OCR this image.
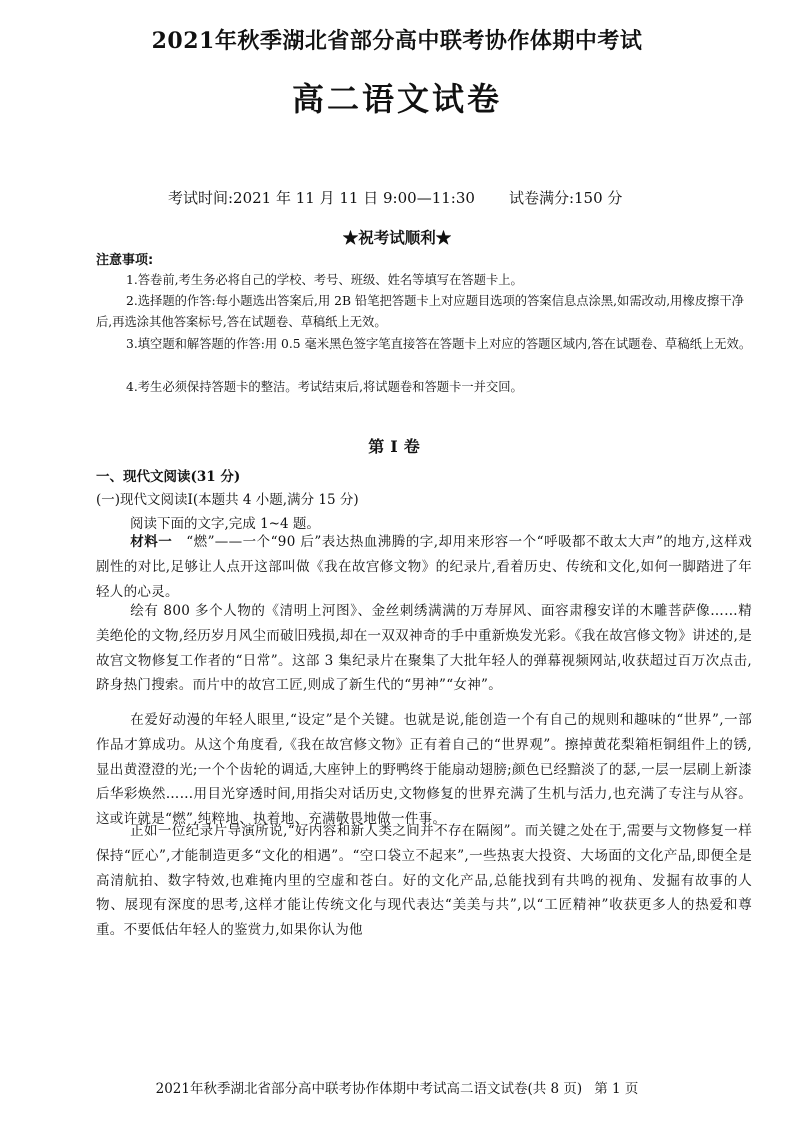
2021年秋季湖北省部分高中联考协作体期中考试
高二语文试卷
考试时间:2021 年 11 月 11 日 9:00—11:30 试卷满分:150 分
★祝考试顺利★
注意事项:
1.答卷前,考生务必将自己的学校、考号、班级、姓名等填写在答题卡上。
2.选择题的作答:每小题选出答案后,用 2B 铅笔把答题卡上对应题目选项的答案信息点涂黑,如需改动,用橡皮擦干净后,再选涂其他答案标号,答在试题卷、草稿纸上无效。
3.填空题和解答题的作答:用 0.5 毫米黑色签字笔直接答在答题卡上对应的答题区域内,答在试题卷、草稿纸上无效。
4.考生必须保持答题卡的整洁。考试结束后,将试题卷和答题卡一并交回。
第Ⅰ卷
一、现代文阅读(31 分)
(一)现代文阅读Ⅰ(本题共 4 小题,满分 15 分)
阅读下面的文字,完成 1~4 题。
材料一 “燃”——一个“90 后”表达热血沸腾的字,却用来形容一个“呼吸都不敢太大声”的地方,这样戏剧性的对比,足够让人点开这部叫做《我在故宫修文物》的纪录片,看着历史、传统和文化,如何一脚踏进了年轻人的心灵。
绘有 800 多个人物的《清明上河图》、金丝刺绣满满的万寿屏风、面容肃穆安详的木雕菩萨像……精美绝伦的文物,经历岁月风尘而破旧残损,却在一双双神奇的手中重新焕发光彩。《我在故宫修文物》讲述的,是故宫文物修复工作者的“日常”。这部 3 集纪录片在聚集了大批年轻人的弹幕视频网站,收获超过百万次点击,跻身热门搜索。而片中的故宫工匠,则成了新生代的“男神”“女神”。
在爱好动漫的年轻人眼里,“设定”是个关键。也就是说,能创造一个有自己的规则和趣味的“世界”,一部作品才算成功。从这个角度看,《我在故宫修文物》正有着自己的“世界观”。擦掉黄花梨箱柜铜组件上的锈,显出黄澄澄的光;一个个齿轮的调适,大座钟上的野鸭终于能扇动翅膀;颜色已经黯淡了的瑟,一层一层刷上新漆后华彩焕然……用目光穿透时间,用指尖对话历史,文物修复的世界充满了生机与活力,也充满了专注与从容。这或许就是“燃”,纯粹地、执着地、充满敬畏地做一件事。
正如一位纪录片导演所说,“好内容和新人类之间并不存在隔阂”。而关键之处在于,需要与文物修复一样保持“匠心”,才能制造更多“文化的相遇”。“空口袋立不起来”,一些热衷大投资、大场面的文化产品,即便全是高清航拍、数字特效,也难掩内里的空虚和苍白。好的文化产品,总能找到有共鸣的视角、发掘有故事的人物、展现有深度的思考,这样才能让传统文化与现代表达“美美与共”,以“工匠精神”收获更多人的热爱和尊重。不要低估年轻人的鉴赏力,如果你认为他
2021年秋季湖北省部分高中联考协作体期中考试高二语文试卷(共 8 页) 第 1 页
